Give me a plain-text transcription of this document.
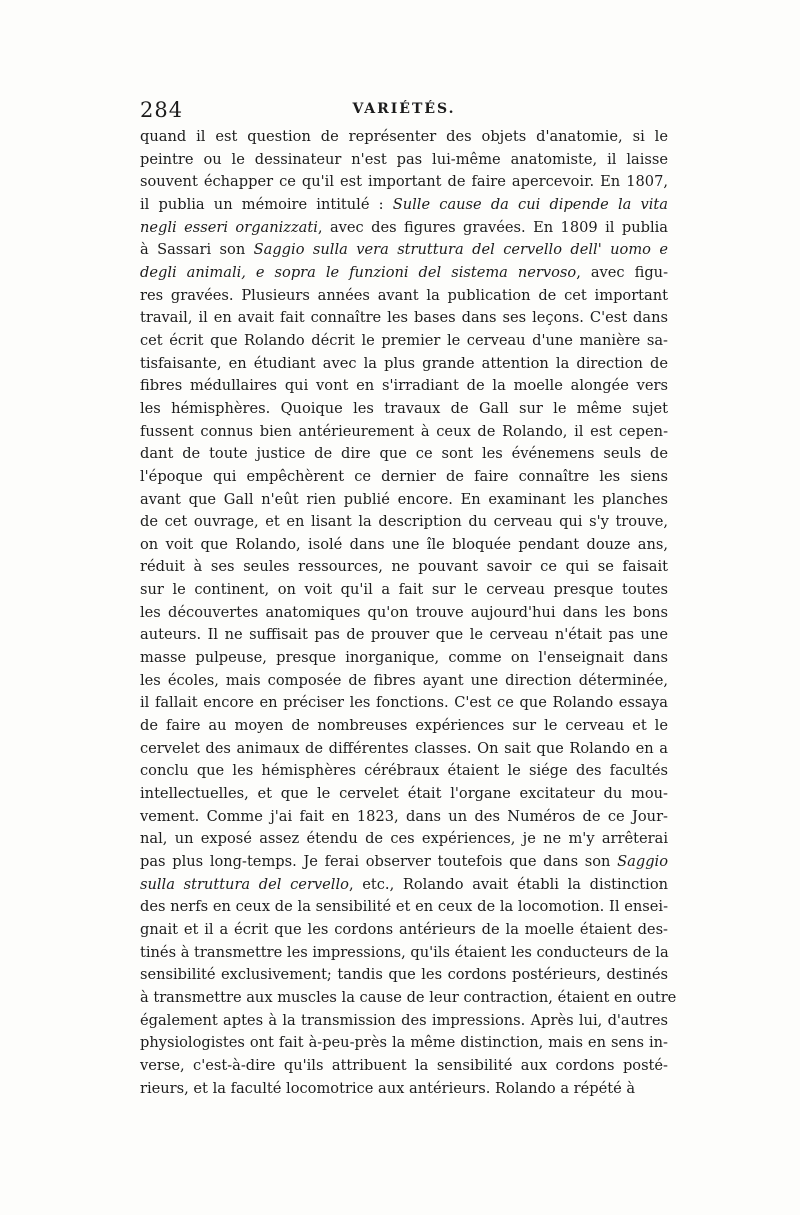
284	VARIÉTÉS.
quand il est question de représenter des objets d'anatomie, si le
peintre ou le dessinateur n'est pas lui-même anatomiste, il laisse
souvent échapper ce qu'il est important de faire apercevoir. En 1807,
il publia un mémoire intitulé : Sulle cause da cui dipende la vita
negli esseri organizzati, avec des figures gravées. En 1809 il publia
à Sassari son Saggio sulla vera struttura del cervello dell' uomo e
degli animali, e sopra le funzioni del sistema nervoso, avec figu-
res gravées. Plusieurs années avant la publication de cet important
travail, il en avait fait connaître les bases dans ses leçons. C'est dans
cet écrit que Rolando décrit le premier le cerveau d'une manière sa-
tisfaisante, en étudiant avec la plus grande attention la direction de
fibres médullaires qui vont en s'irradiant de la moelle alongée vers
les hémisphères. Quoique les travaux de Gall sur le même sujet
fussent connus bien antérieurement à ceux de Rolando, il est cepen-
dant de toute justice de dire que ce sont les événemens seuls de
l'époque qui empêchèrent ce dernier de faire connaître les siens
avant que Gall n'eût rien publié encore. En examinant les planches
de cet ouvrage, et en lisant la description du cerveau qui s'y trouve,
on voit que Rolando, isolé dans une île bloquée pendant douze ans,
réduit à ses seules ressources, ne pouvant savoir ce qui se faisait
sur le continent, on voit qu'il a fait sur le cerveau presque toutes
les découvertes anatomiques qu'on trouve aujourd'hui dans les bons
auteurs. Il ne suffisait pas de prouver que le cerveau n'était pas une
masse pulpeuse, presque inorganique, comme on l'enseignait dans
les écoles, mais composée de fibres ayant une direction déterminée,
il fallait encore en préciser les fonctions. C'est ce que Rolando essaya
de faire au moyen de nombreuses expériences sur le cerveau et le
cervelet des animaux de différentes classes. On sait que Rolando en a
conclu que les hémisphères cérébraux étaient le siége des facultés
intellectuelles, et que le cervelet était l'organe excitateur du mou-
vement. Comme j'ai fait en 1823, dans un des Numéros de ce Jour-
nal, un exposé assez étendu de ces expériences, je ne m'y arrêterai
pas plus long-temps. Je ferai observer toutefois que dans son Saggio
sulla struttura del cervello, etc., Rolando avait établi la distinction
des nerfs en ceux de la sensibilité et en ceux de la locomotion. Il ensei-
gnait et il a écrit que les cordons antérieurs de la moelle étaient des-
tinés à transmettre les impressions, qu'ils étaient les conducteurs de la
sensibilité exclusivement; tandis que les cordons postérieurs, destinés
à transmettre aux muscles la cause de leur contraction, étaient en outre
également aptes à la transmission des impressions. Après lui, d'autres
physiologistes ont fait à-peu-près la même distinction, mais en sens in-
verse, c'est-à-dire qu'ils attribuent la sensibilité aux cordons posté-
rieurs, et la faculté locomotrice aux antérieurs. Rolando a répété à
